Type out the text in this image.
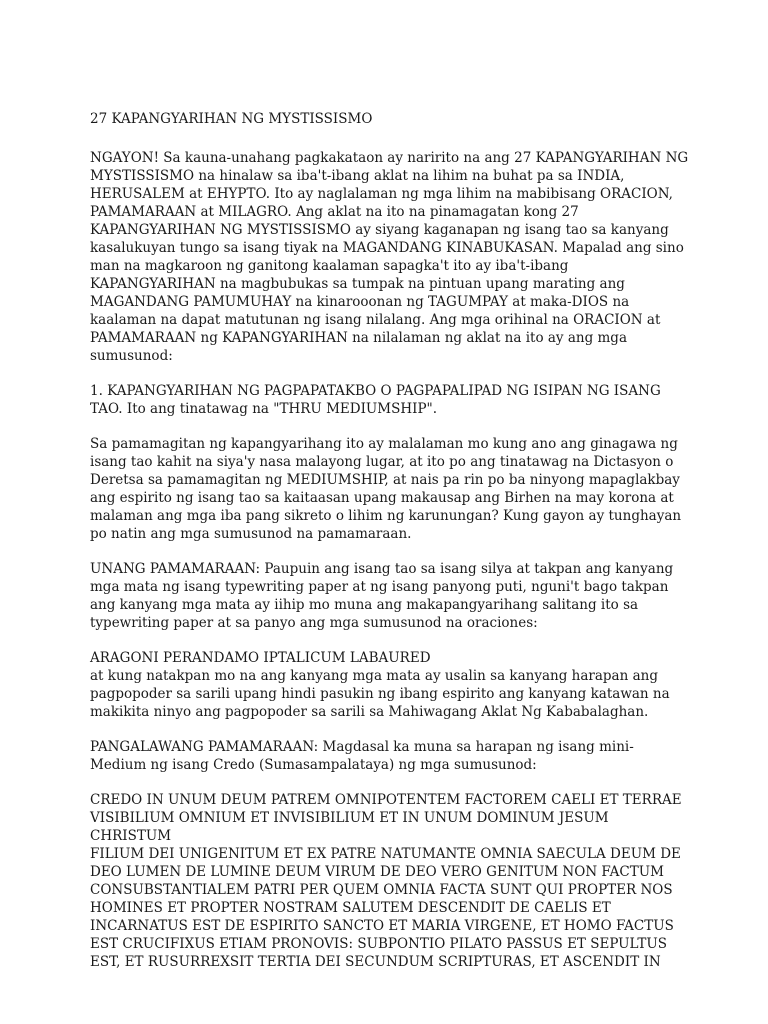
27 KAPANGYARIHAN NG MYSTISSISMO

NGAYON! Sa kauna-unahang pagkakataon ay naririto na ang 27 KAPANGYARIHAN NG MYSTISSISMO na hinalaw sa iba't-ibang aklat na lihim na buhat pa sa INDIA, HERUSALEM at EHYPTO. Ito ay naglalaman ng mga lihim na mabibisang ORACION, PAMAMARAAN at MILAGRO. Ang aklat na ito na pinamagatan kong 27 KAPANGYARIHAN NG MYSTISSISMO ay siyang kaganapan ng isang tao sa kanyang kasalukuyan tungo sa isang tiyak na MAGANDANG KINABUKASAN. Mapalad ang sino man na magkaroon ng ganitong kaalaman sapagka't ito ay iba't-ibang KAPANGYARIHAN na magbubukas sa tumpak na pintuan upang marating ang MAGANDANG PAMUMUHAY na kinarooonan ng TAGUMPAY at maka-DIOS na kaalaman na dapat matutunan ng isang nilalang. Ang mga orihinal na ORACION at PAMAMARAAN ng KAPANGYARIHAN na nilalaman ng aklat na ito ay ang mga sumusunod:

1. KAPANGYARIHAN NG PAGPAPATAKBO O PAGPAPALIPAD NG ISIPAN NG ISANG TAO. Ito ang tinatawag na "THRU MEDIUMSHIP".

Sa pamamagitan ng kapangyarihang ito ay malalaman mo kung ano ang ginagawa ng isang tao kahit na siya'y nasa malayong lugar, at ito po ang tinatawag na Dictasyon o Deretsa sa pamamagitan ng MEDIUMSHIP, at nais pa rin po ba ninyong mapaglakbay ang espirito ng isang tao sa kaitaasan upang makausap ang Birhen na may korona at malaman ang mga iba pang sikreto o lihim ng karunungan? Kung gayon ay tunghayan po natin ang mga sumusunod na pamamaraan.

UNANG PAMAMARAAN: Paupuin ang isang tao sa isang silya at takpan ang kanyang mga mata ng isang typewriting paper at ng isang panyong puti, nguni't bago takpan ang kanyang mga mata ay iihip mo muna ang makapangyarihang salitang ito sa typewriting paper at sa panyo ang mga sumusunod na oraciones:

ARAGONI PERANDAMO IPTALICUM LABAURED

at kung natakpan mo na ang kanyang mga mata ay usalin sa kanyang harapan ang pagpopoder sa sarili upang hindi pasukin ng ibang espirito ang kanyang katawan na makikita ninyo ang pagpopoder sa sarili sa Mahiwagang Aklat Ng Kababalaghan.

PANGALAWANG PAMAMARAAN: Magdasal ka muna sa harapan ng isang mini-Medium ng isang Credo (Sumasampalataya) ng mga sumusunod:

CREDO IN UNUM DEUM PATREM OMNIPOTENTEM FACTOREM CAELI ET TERRAE
VISIBILIUM OMNIUM ET INVISIBILIUM ET IN UNUM DOMINUM JESUM CHRISTUM
FILIUM DEI UNIGENITUM ET EX PATRE NATUMANTE OMNIA SAECULA DEUM DE
DEO LUMEN DE LUMINE DEUM VIRUM DE DEO VERO GENITUM NON FACTUM
CONSUBSTANTIALEM PATRI PER QUEM OMNIA FACTA SUNT QUI PROPTER NOS
HOMINES ET PROPTER NOSTRAM SALUTEM DESCENDIT DE CAELIS ET
INCARNATUS EST DE ESPIRITO SANCTO ET MARIA VIRGENE, ET HOMO FACTUS
EST CRUCIFIXUS ETIAM PRONOVIS: SUBPONTIO PILATO PASSUS ET SEPULTUS
EST, ET RUSURREXSIT TERTIA DEI SECUNDUM SCRIPTURAS, ET ASCENDIT IN
